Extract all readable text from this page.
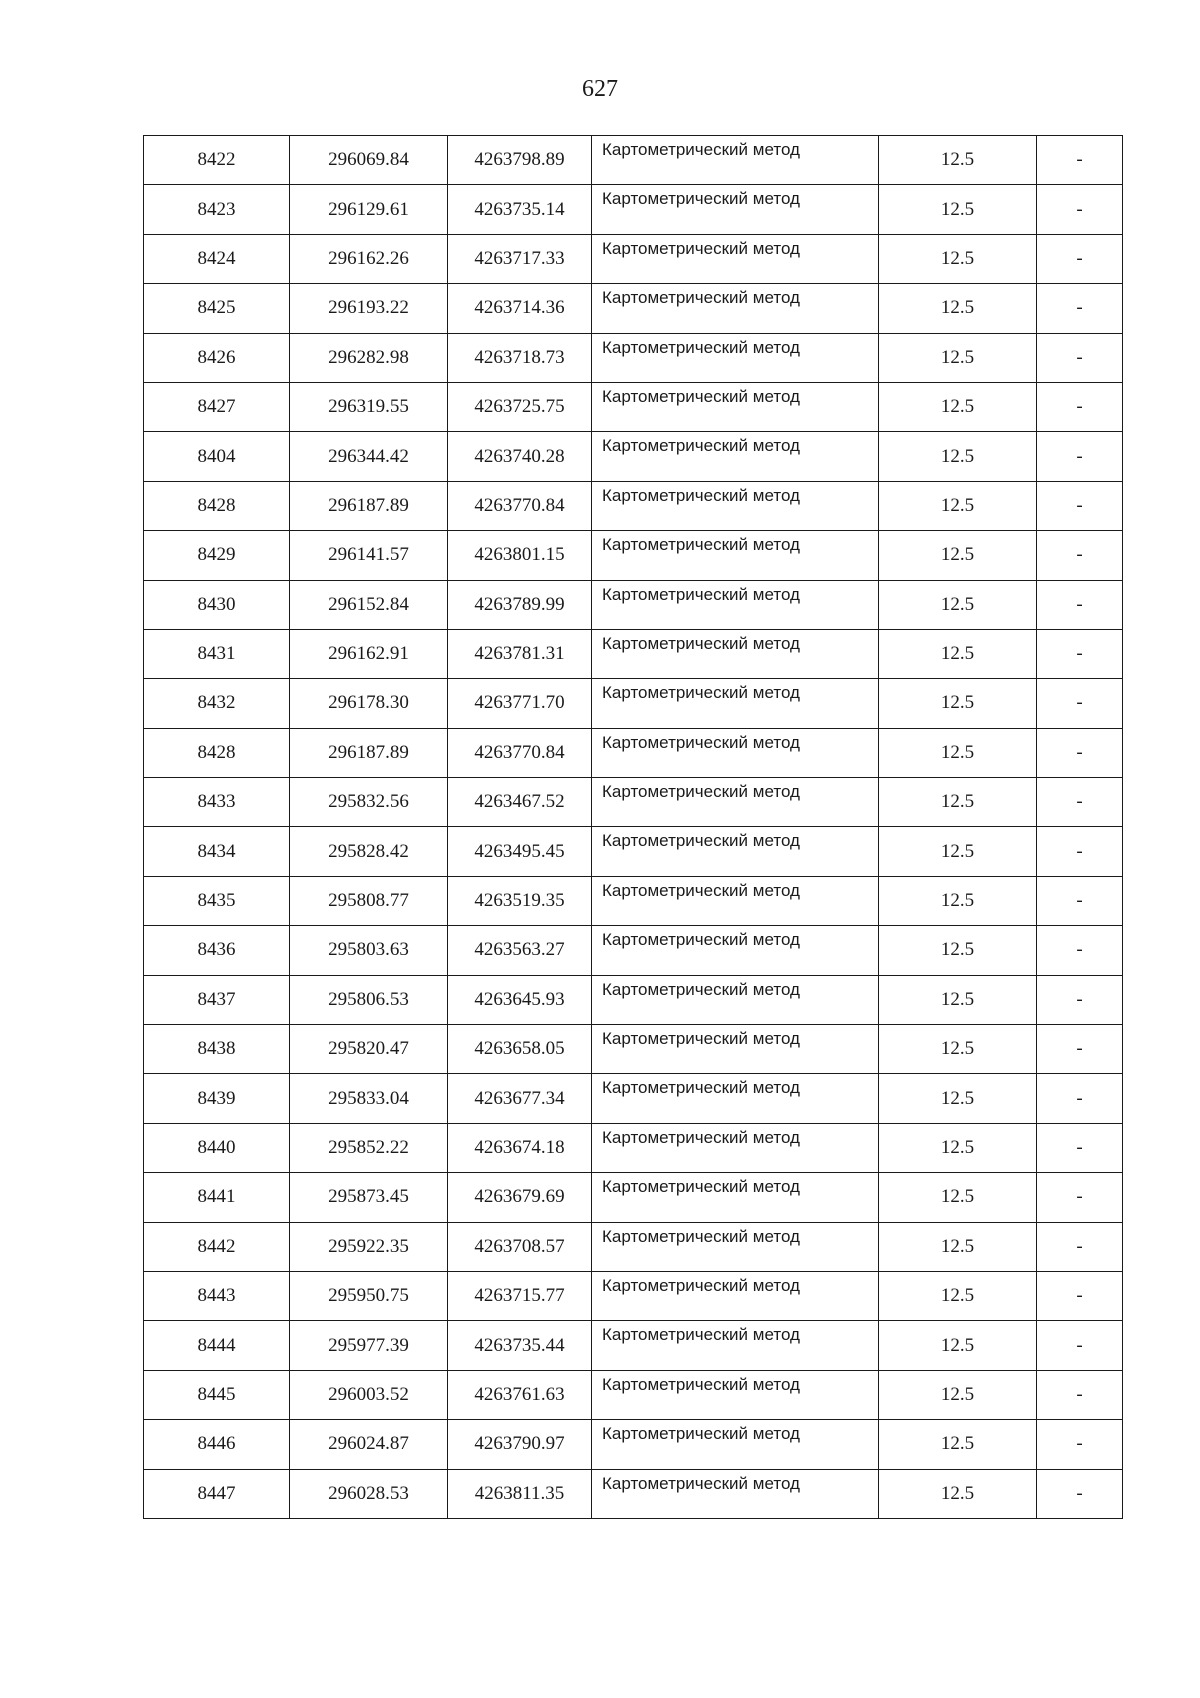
627
8422	296069.84	4263798.89	Картометрический метод	12.5	-
8423	296129.61	4263735.14	Картометрический метод	12.5	-
8424	296162.26	4263717.33	Картометрический метод	12.5	-
8425	296193.22	4263714.36	Картометрический метод	12.5	-
8426	296282.98	4263718.73	Картометрический метод	12.5	-
8427	296319.55	4263725.75	Картометрический метод	12.5	-
8404	296344.42	4263740.28	Картометрический метод	12.5	-
8428	296187.89	4263770.84	Картометрический метод	12.5	-
8429	296141.57	4263801.15	Картометрический метод	12.5	-
8430	296152.84	4263789.99	Картометрический метод	12.5	-
8431	296162.91	4263781.31	Картометрический метод	12.5	-
8432	296178.30	4263771.70	Картометрический метод	12.5	-
8428	296187.89	4263770.84	Картометрический метод	12.5	-
8433	295832.56	4263467.52	Картометрический метод	12.5	-
8434	295828.42	4263495.45	Картометрический метод	12.5	-
8435	295808.77	4263519.35	Картометрический метод	12.5	-
8436	295803.63	4263563.27	Картометрический метод	12.5	-
8437	295806.53	4263645.93	Картометрический метод	12.5	-
8438	295820.47	4263658.05	Картометрический метод	12.5	-
8439	295833.04	4263677.34	Картометрический метод	12.5	-
8440	295852.22	4263674.18	Картометрический метод	12.5	-
8441	295873.45	4263679.69	Картометрический метод	12.5	-
8442	295922.35	4263708.57	Картометрический метод	12.5	-
8443	295950.75	4263715.77	Картометрический метод	12.5	-
8444	295977.39	4263735.44	Картометрический метод	12.5	-
8445	296003.52	4263761.63	Картометрический метод	12.5	-
8446	296024.87	4263790.97	Картометрический метод	12.5	-
8447	296028.53	4263811.35	Картометрический метод	12.5	-
